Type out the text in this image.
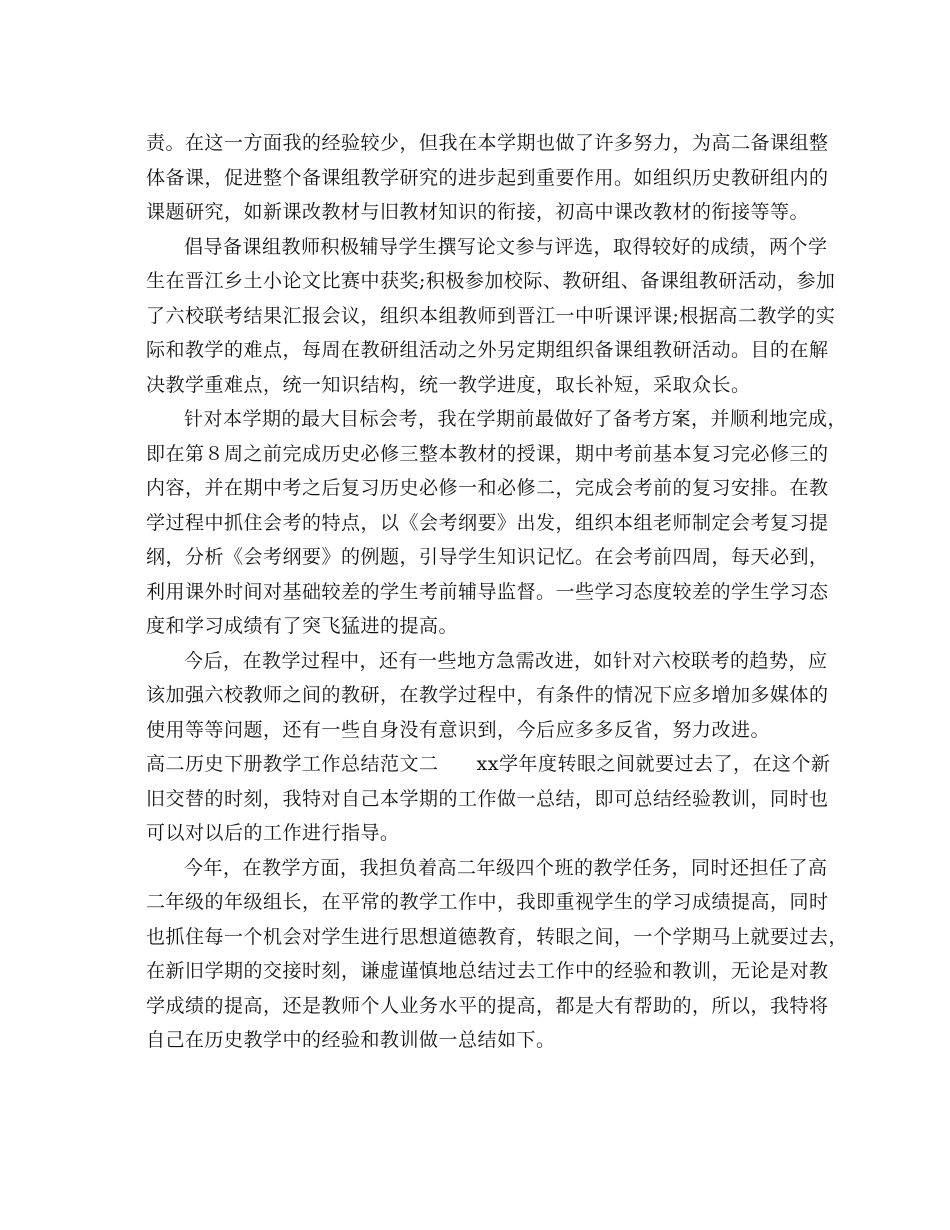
责。在这一方面我的经验较少，但我在本学期也做了许多努力，为高二备课组整
体备课，促进整个备课组教学研究的进步起到重要作用。如组织历史教研组内的
课题研究，如新课改教材与旧教材知识的衔接，初高中课改教材的衔接等等。
倡导备课组教师积极辅导学生撰写论文参与评选，取得较好的成绩，两个学
生在晋江乡土小论文比赛中获奖;积极参加校际、教研组、备课组教研活动，参加
了六校联考结果汇报会议，组织本组教师到晋江一中听课评课;根据高二教学的实
际和教学的难点，每周在教研组活动之外另定期组织备课组教研活动。目的在解
决教学重难点，统一知识结构，统一教学进度，取长补短，采取众长。
针对本学期的最大目标会考，我在学期前最做好了备考方案，并顺利地完成，
即在第８周之前完成历史必修三整本教材的授课，期中考前基本复习完必修三的
内容，并在期中考之后复习历史必修一和必修二，完成会考前的复习安排。在教
学过程中抓住会考的特点，以《会考纲要》出发，组织本组老师制定会考复习提
纲，分析《会考纲要》的例题，引导学生知识记忆。在会考前四周，每天必到，
利用课外时间对基础较差的学生考前辅导监督。一些学习态度较差的学生学习态
度和学习成绩有了突飞猛进的提高。
今后，在教学过程中，还有一些地方急需改进，如针对六校联考的趋势，应
该加强六校教师之间的教研，在教学过程中，有条件的情况下应多增加多媒体的
使用等等问题，还有一些自身没有意识到，今后应多多反省，努力改进。
高二历史下册教学工作总结范文二 xx学年度转眼之间就要过去了，在这个新
旧交替的时刻，我特对自己本学期的工作做一总结，即可总结经验教训，同时也
可以对以后的工作进行指导。
今年，在教学方面，我担负着高二年级四个班的教学任务，同时还担任了高
二年级的年级组长，在平常的教学工作中，我即重视学生的学习成绩提高，同时
也抓住每一个机会对学生进行思想道德教育，转眼之间，一个学期马上就要过去，
在新旧学期的交接时刻，谦虚谨慎地总结过去工作中的经验和教训，无论是对教
学成绩的提高，还是教师个人业务水平的提高，都是大有帮助的，所以，我特将
自己在历史教学中的经验和教训做一总结如下。
